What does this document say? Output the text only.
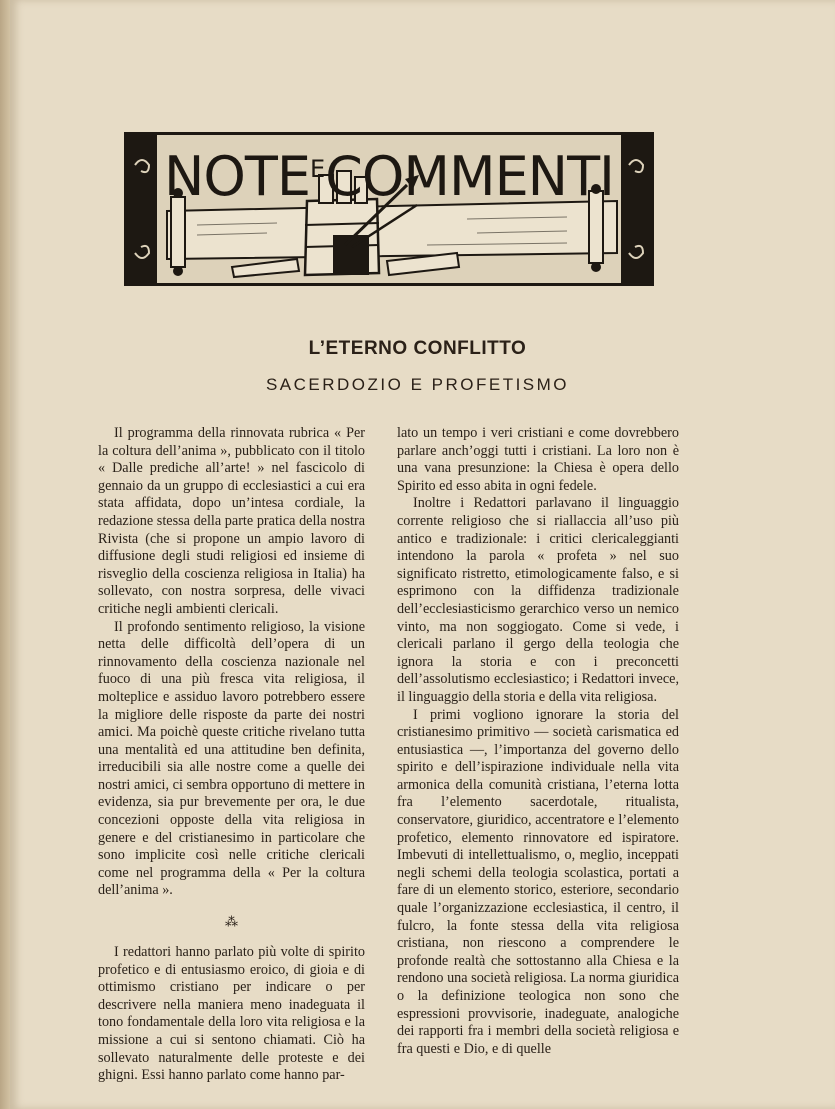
$NOTE^ECOMMENTI$
L’ETERNO CONFLITTO
SACERDOZIO E PROFETISMO

Il programma della rinnovata rubrica « Per la coltura dell’anima », pubblicato con il titolo « Dalle prediche all’arte! » nel fascicolo di gennaio da un gruppo di ecclesiastici a cui era stata affidata, dopo un’intesa cordiale, la redazione stessa della parte pratica della nostra Rivista (che si propone un ampio lavoro di diffusione degli studi religiosi ed insieme di risveglio della coscienza religiosa in Italia) ha sollevato, con nostra sorpresa, delle vivaci critiche negli ambienti clericali.

Il profondo sentimento religioso, la visione netta delle difficoltà dell’opera di un rinnovamento della coscienza nazionale nel fuoco di una più fresca vita religiosa, il molteplice e assiduo lavoro potrebbero essere la migliore delle risposte da parte dei nostri amici. Ma poichè queste critiche rivelano tutta una mentalità ed una attitudine ben definita, irreducibili sia alle nostre come a quelle dei nostri amici, ci sembra opportuno di mettere in evidenza, sia pur brevemente per ora, le due concezioni opposte della vita religiosa in genere e del cristianesimo in particolare che sono implicite così nelle critiche clericali come nel programma della « Per la coltura dell’anima ».

⁂

I redattori hanno parlato più volte di spirito profetico e di entusiasmo eroico, di gioia e di ottimismo cristiano per indicare o per descrivere nella maniera meno inadeguata il tono fondamentale della loro vita religiosa e la missione a cui si sentono chiamati. Ciò ha sollevato naturalmente delle proteste e dei ghigni. Essi hanno parlato come hanno par-

lato un tempo i veri cristiani e come dovrebbero parlare anch’oggi tutti i cristiani. La loro non è una vana presunzione: la Chiesa è opera dello Spirito ed esso abita in ogni fedele.

Inoltre i Redattori parlavano il linguaggio corrente religioso che si riallaccia all’uso più antico e tradizionale: i critici clericaleggianti intendono la parola « profeta » nel suo significato ristretto, etimologicamente falso, e si esprimono con la diffidenza tradizionale dell’ecclesiasticismo gerarchico verso un nemico vinto, ma non soggiogato. Come si vede, i clericali parlano il gergo della teologia che ignora la storia e con i preconcetti dell’assolutismo ecclesiastico; i Redattori invece, il linguaggio della storia e della vita religiosa.

I primi vogliono ignorare la storia del cristianesimo primitivo — società carismatica ed entusiastica —, l’importanza del governo dello spirito e dell’ispirazione individuale nella vita armonica della comunità cristiana, l’eterna lotta fra l’elemento sacerdotale, ritualista, conservatore, giuridico, accentratore e l’elemento profetico, elemento rinnovatore ed ispiratore. Imbevuti di intellettualismo, o, meglio, inceppati negli schemi della teologia scolastica, portati a fare di un elemento storico, esteriore, secondario quale l’organizzazione ecclesiastica, il centro, il fulcro, la fonte stessa della vita religiosa cristiana, non riescono a comprendere le profonde realtà che sottostanno alla Chiesa e la rendono una società religiosa. La norma giuridica o la definizione teologica non sono che espressioni provvisorie, inadeguate, analogiche dei rapporti fra i membri della società religiosa e fra questi e Dio, e di quelle
